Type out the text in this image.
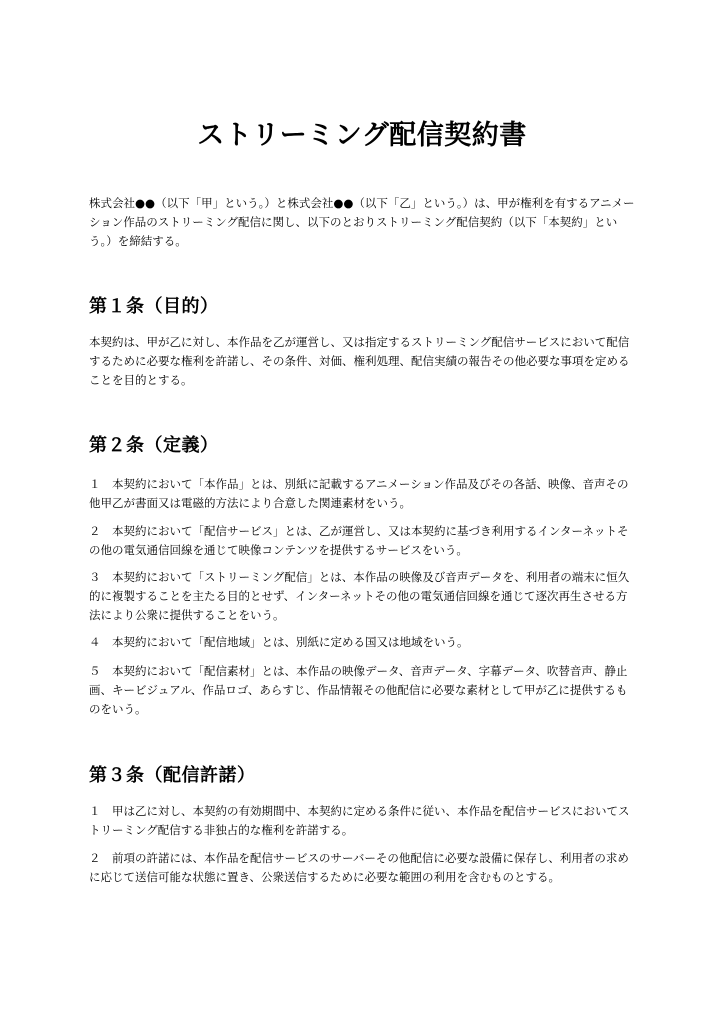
ストリーミング配信契約書

株式会社●●（以下「甲」という。）と株式会社●●（以下「乙」という。）は、甲が権利を有するアニメーション作品のストリーミング配信に関し、以下のとおりストリーミング配信契約（以下「本契約」という。）を締結する。

第１条（目的）

本契約は、甲が乙に対し、本作品を乙が運営し、又は指定するストリーミング配信サービスにおいて配信するために必要な権利を許諾し、その条件、対価、権利処理、配信実績の報告その他必要な事項を定めることを目的とする。

第２条（定義）

１　本契約において「本作品」とは、別紙に記載するアニメーション作品及びその各話、映像、音声その他甲乙が書面又は電磁的方法により合意した関連素材をいう。

２　本契約において「配信サービス」とは、乙が運営し、又は本契約に基づき利用するインターネットその他の電気通信回線を通じて映像コンテンツを提供するサービスをいう。

３　本契約において「ストリーミング配信」とは、本作品の映像及び音声データを、利用者の端末に恒久的に複製することを主たる目的とせず、インターネットその他の電気通信回線を通じて逐次再生させる方法により公衆に提供することをいう。

４　本契約において「配信地域」とは、別紙に定める国又は地域をいう。

５　本契約において「配信素材」とは、本作品の映像データ、音声データ、字幕データ、吹替音声、静止画、キービジュアル、作品ロゴ、あらすじ、作品情報その他配信に必要な素材として甲が乙に提供するものをいう。

第３条（配信許諾）

１　甲は乙に対し、本契約の有効期間中、本契約に定める条件に従い、本作品を配信サービスにおいてストリーミング配信する非独占的な権利を許諾する。

２　前項の許諾には、本作品を配信サービスのサーバーその他配信に必要な設備に保存し、利用者の求めに応じて送信可能な状態に置き、公衆送信するために必要な範囲の利用を含むものとする。
